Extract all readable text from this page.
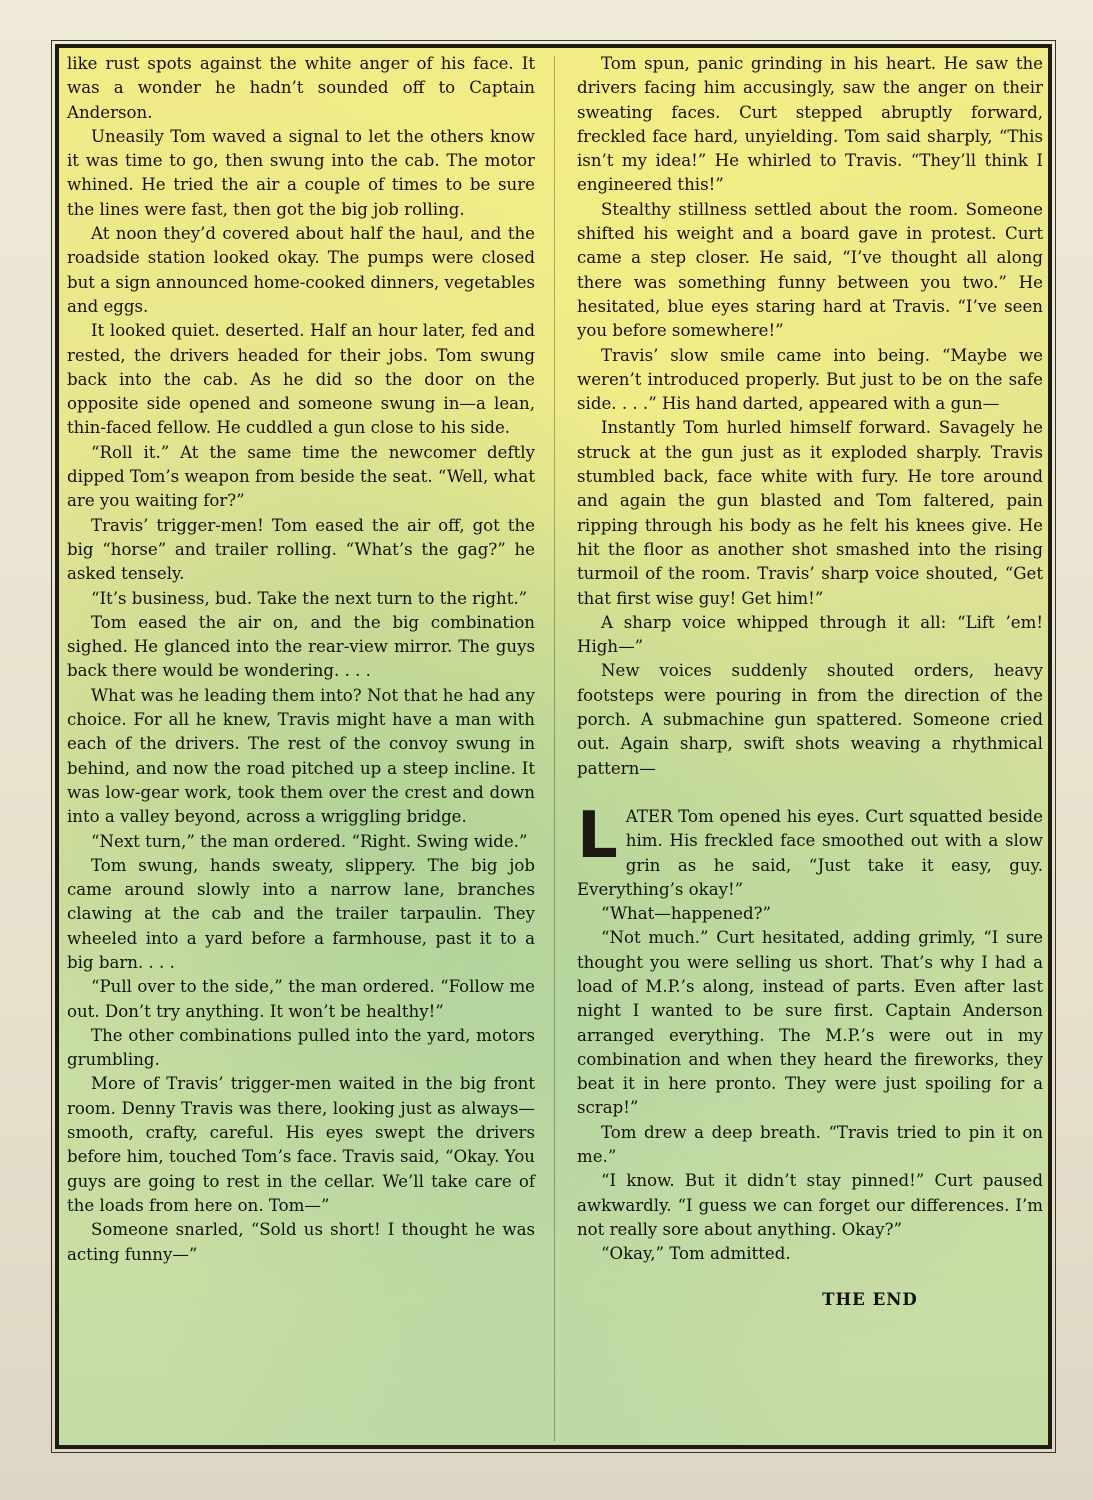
like rust spots against the white anger of his face. It was a wonder he hadn’t sounded off to Captain Anderson.

Uneasily Tom waved a signal to let the others know it was time to go, then swung into the cab. The motor whined. He tried the air a couple of times to be sure the lines were fast, then got the big job rolling.

At noon they’d covered about half the haul, and the roadside station looked okay. The pumps were closed but a sign announced home-cooked dinners, vegetables and eggs.

It looked quiet. deserted. Half an hour later, fed and rested, the drivers headed for their jobs. Tom swung back into the cab. As he did so the door on the opposite side opened and someone swung in—a lean, thin-faced fellow. He cuddled a gun close to his side.

“Roll it.” At the same time the newcomer deftly dipped Tom’s weapon from beside the seat. “Well, what are you waiting for?”

Travis’ trigger-men! Tom eased the air off, got the big “horse” and trailer rolling. “What’s the gag?” he asked tensely.

“It’s business, bud. Take the next turn to the right.”

Tom eased the air on, and the big combination sighed. He glanced into the rear-view mirror. The guys back there would be wondering. . . .

What was he leading them into? Not that he had any choice. For all he knew, Travis might have a man with each of the drivers. The rest of the convoy swung in behind, and now the road pitched up a steep incline. It was low-gear work, took them over the crest and down into a valley beyond, across a wriggling bridge.

“Next turn,” the man ordered. “Right. Swing wide.”

Tom swung, hands sweaty, slippery. The big job came around slowly into a narrow lane, branches clawing at the cab and the trailer tarpaulin. They wheeled into a yard before a farmhouse, past it to a big barn. . . .

“Pull over to the side,” the man ordered. “Follow me out. Don’t try anything. It won’t be healthy!”

The other combinations pulled into the yard, motors grumbling.

More of Travis’ trigger-men waited in the big front room. Denny Travis was there, looking just as always—smooth, crafty, careful. His eyes swept the drivers before him, touched Tom’s face. Travis said, “Okay. You guys are going to rest in the cellar. We’ll take care of the loads from here on. Tom—”

Someone snarled, “Sold us short! I thought he was acting funny—”

Tom spun, panic grinding in his heart. He saw the drivers facing him accusingly, saw the anger on their sweating faces. Curt stepped abruptly forward, freckled face hard, unyielding. Tom said sharply, “This isn’t my idea!” He whirled to Travis. “They’ll think I engineered this!”

Stealthy stillness settled about the room. Someone shifted his weight and a board gave in protest. Curt came a step closer. He said, “I’ve thought all along there was something funny between you two.” He hesitated, blue eyes staring hard at Travis. “I’ve seen you before somewhere!”

Travis’ slow smile came into being. “Maybe we weren’t introduced properly. But just to be on the safe side. . . .” His hand darted, appeared with a gun—

Instantly Tom hurled himself forward. Savagely he struck at the gun just as it exploded sharply. Travis stumbled back, face white with fury. He tore around and again the gun blasted and Tom faltered, pain ripping through his body as he felt his knees give. He hit the floor as another shot smashed into the rising turmoil of the room. Travis’ sharp voice shouted, “Get that first wise guy! Get him!”

A sharp voice whipped through it all: “Lift ’em! High—”

New voices suddenly shouted orders, heavy footsteps were pouring in from the direction of the porch. A submachine gun spattered. Someone cried out. Again sharp, swift shots weaving a rhythmical pattern—

L ATER Tom opened his eyes. Curt squatted beside him. His freckled face smoothed out with a slow grin as he said, “Just take it easy, guy. Everything’s okay!”

“What—happened?”

“Not much.” Curt hesitated, adding grimly, “I sure thought you were selling us short. That’s why I had a load of M.P.’s along, instead of parts. Even after last night I wanted to be sure first. Captain Anderson arranged everything. The M.P.’s were out in my combination and when they heard the fireworks, they beat it in here pronto. They were just spoiling for a scrap!”

Tom drew a deep breath. “Travis tried to pin it on me.”

“I know. But it didn’t stay pinned!” Curt paused awkwardly. “I guess we can forget our differences. I’m not really sore about anything. Okay?”

“Okay,” Tom admitted.

THE END
